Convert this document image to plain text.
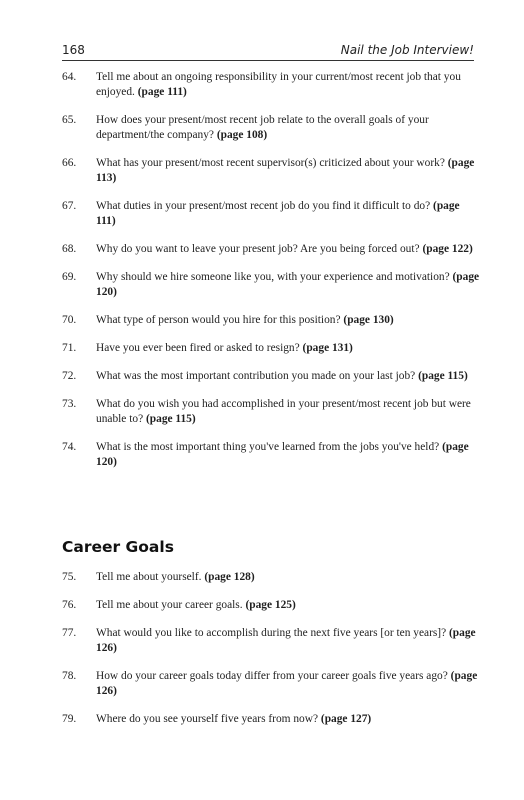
168	Nail the Job Interview!
64.	Tell me about an ongoing responsibility in your current/most recent job that you enjoyed. (page 111)
65.	How does your present/most recent job relate to the overall goals of your department/the company? (page 108)
66.	What has your present/most recent supervisor(s) criticized about your work? (page 113)
67.	What duties in your present/most recent job do you find it difficult to do? (page 111)
68.	Why do you want to leave your present job? Are you being forced out? (page 122)
69.	Why should we hire someone like you, with your experience and motivation? (page 120)
70.	What type of person would you hire for this position? (page 130)
71.	Have you ever been fired or asked to resign? (page 131)
72.	What was the most important contribution you made on your last job? (page 115)
73.	What do you wish you had accomplished in your present/most recent job but were unable to? (page 115)
74.	What is the most important thing you've learned from the jobs you've held? (page 120)
Career Goals
75.	Tell me about yourself. (page 128)
76.	Tell me about your career goals. (page 125)
77.	What would you like to accomplish during the next five years [or ten years]? (page 126)
78.	How do your career goals today differ from your career goals five years ago? (page 126)
79.	Where do you see yourself five years from now? (page 127)
